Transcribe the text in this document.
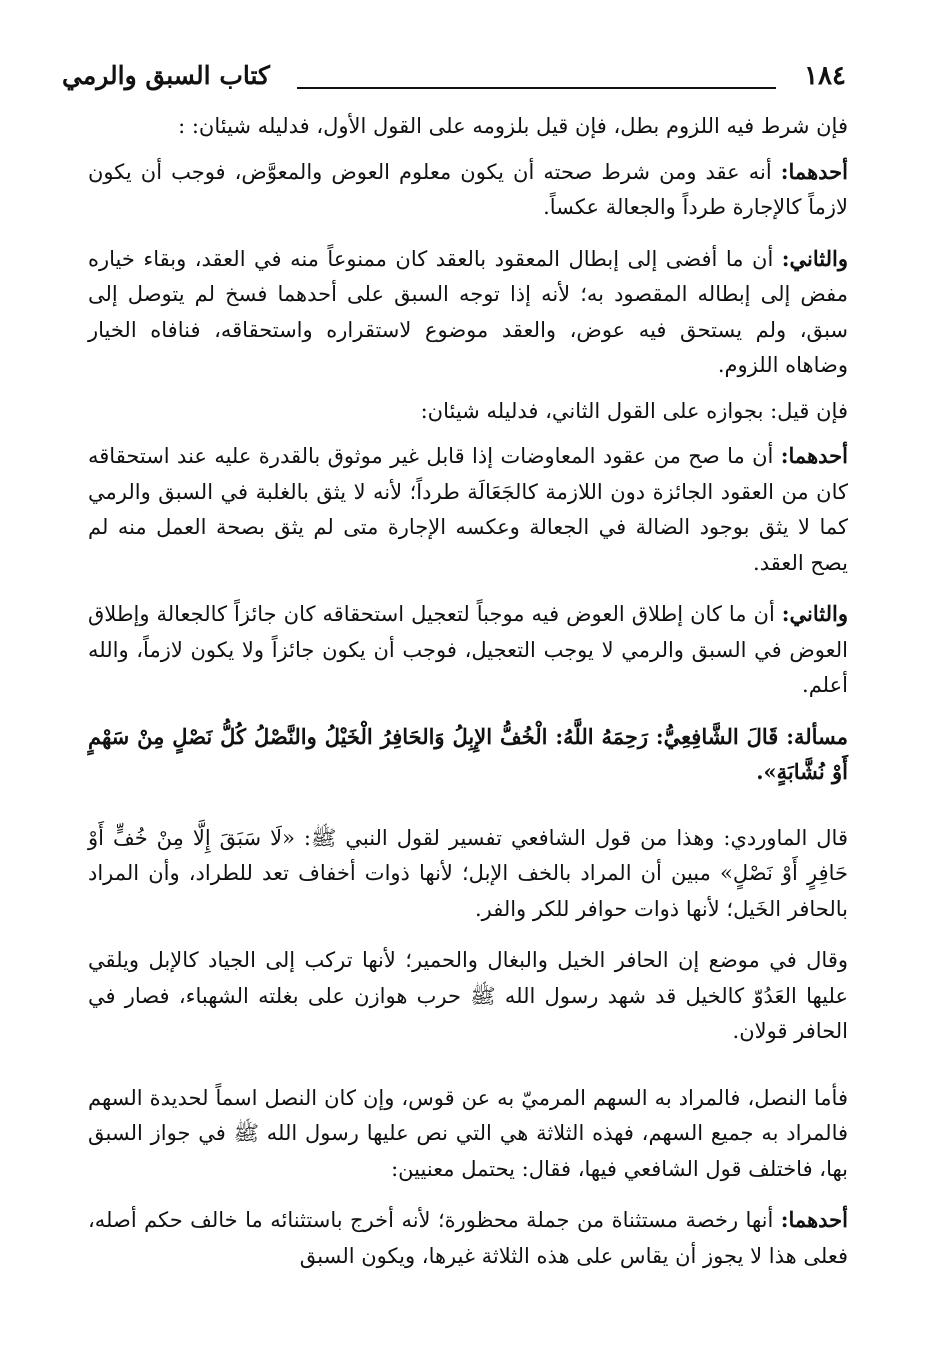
١٨٤
كتاب السبق والرمي

فإن شرط فيه اللزوم بطل، فإن قيل بلزومه على القول الأول، فدليله شيئان: :

أحدهما: أنه عقد ومن شرط صحته أن يكون معلوم العوض والمعوَّض، فوجب أن يكون لازماً كالإجارة طرداً والجعالة عكساً.

والثاني: أن ما أفضى إلى إبطال المعقود بالعقد كان ممنوعاً منه في العقد، وبقاء خياره مفض إلى إبطاله المقصود به؛ لأنه إذا توجه السبق على أحدهما فسخ لم يتوصل إلى سبق، ولم يستحق فيه عوض، والعقد موضوع لاستقراره واستحقاقه، فنافاه الخيار وضاهاه اللزوم.

فإن قيل: بجوازه على القول الثاني، فدليله شيئان:

أحدهما: أن ما صح من عقود المعاوضات إذا قابل غير موثوق بالقدرة عليه عند استحقاقه كان من العقود الجائزة دون اللازمة كالجَعَالَة طرداً؛ لأنه لا يثق بالغلبة في السبق والرمي كما لا يثق بوجود الضالة في الجعالة وعكسه الإجارة متى لم يثق بصحة العمل منه لم يصح العقد.

والثاني: أن ما كان إطلاق العوض فيه موجباً لتعجيل استحقاقه كان جائزاً كالجعالة وإطلاق العوض في السبق والرمي لا يوجب التعجيل، فوجب أن يكون جائزاً ولا يكون لازماً، والله أعلم.

مسألة: قَالَ الشَّافِعِيُّ: رَحِمَهُ اللَّهُ: الْخُفُّ الإِبِلُ وَالحَافِرُ الْخَيْلُ والنَّصْلُ كُلُّ نَصْلٍ مِنْ سَهْمٍ أَوْ نُشَّابَةٍ».

قال الماوردي: وهذا من قول الشافعي تفسير لقول النبي ﷺ: «لَا سَبَقَ إِلَّا مِنْ خُفٍّ أَوْ حَافِرٍ أَوْ نَصْلٍ» مبين أن المراد بالخف الإبل؛ لأنها ذوات أخفاف تعد للطراد، وأن المراد بالحافر الخَيل؛ لأنها ذوات حوافر للكر والفر.

وقال في موضع إن الحافر الخيل والبغال والحمير؛ لأنها تركب إلى الجياد كالإبل ويلقي عليها العَدُوّ كالخيل قد شهد رسول الله ﷺ حرب هوازن على بغلته الشهباء، فصار في الحافر قولان.

فأما النصل، فالمراد به السهم المرميّ به عن قوس، وإن كان النصل اسماً لحديدة السهم فالمراد به جميع السهم، فهذه الثلاثة هي التي نص عليها رسول الله ﷺ في جواز السبق بها، فاختلف قول الشافعي فيها، فقال: يحتمل معنيين:

أحدهما: أنها رخصة مستثناة من جملة محظورة؛ لأنه أخرج باستثنائه ما خالف حكم أصله، فعلى هذا لا يجوز أن يقاس على هذه الثلاثة غيرها، ويكون السبق
